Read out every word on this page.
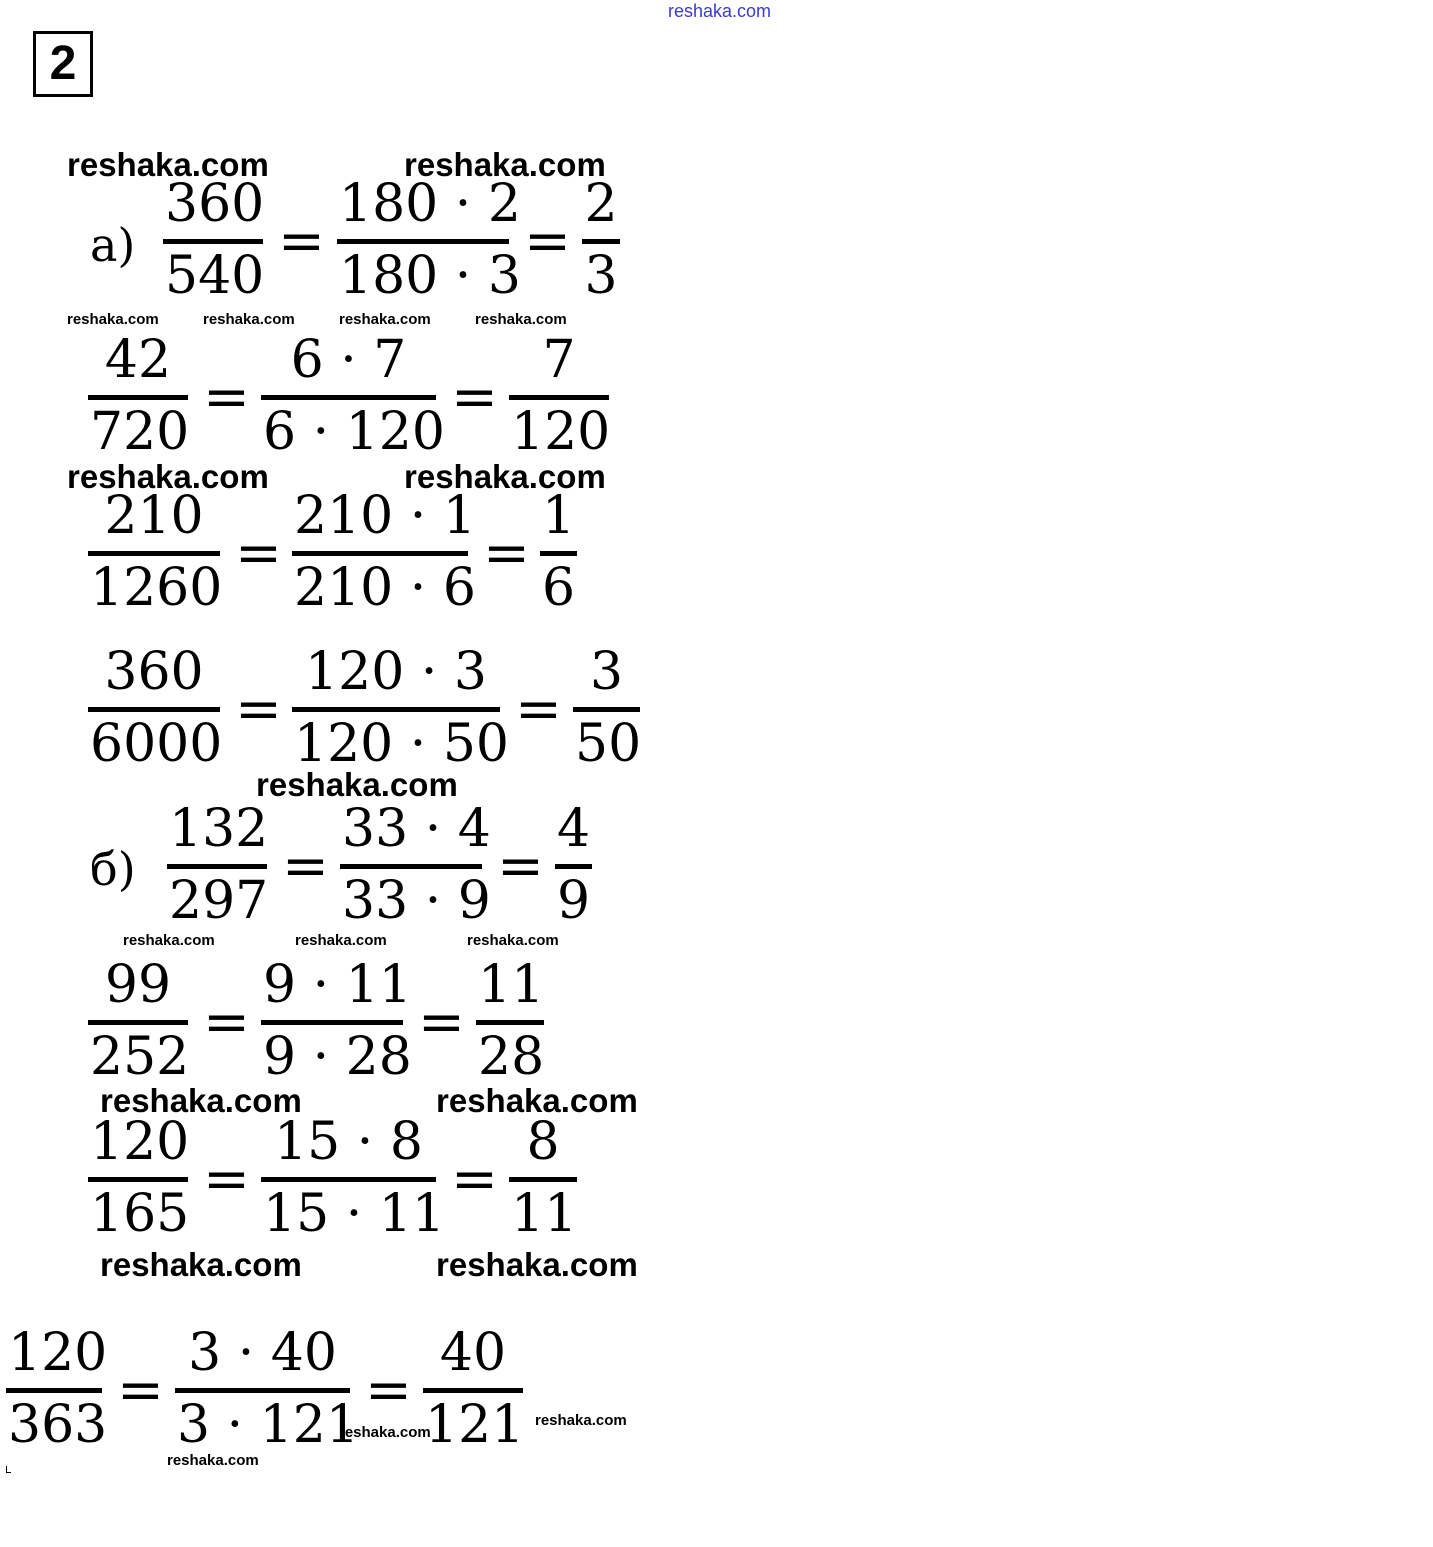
reshaka.com
2
а)
б)
360
540
=
180 · 2
180 · 3
=
2
3
42
720
=
6 · 7
6 · 120
=
7
120
210
1260
=
210 · 1
210 · 6
=
1
6
360
6000
=
120 · 3
120 · 50
=
3
50
132
297
=
33 · 4
33 · 9
=
4
9
99
252
=
9 · 11
9 · 28
=
11
28
120
165
=
15 · 8
15 · 11
=
8
11
120
363
=
3 · 40
3 · 121
=
40
121
reshaka.com	reshaka.com
reshaka.com	reshaka.com	reshaka.com	reshaka.com
reshaka.com	reshaka.com
reshaka.com
reshaka.com	reshaka.com	reshaka.com
reshaka.com	reshaka.com
reshaka.com	reshaka.com
reshaka.com
reshaka.com
reshaka.com
